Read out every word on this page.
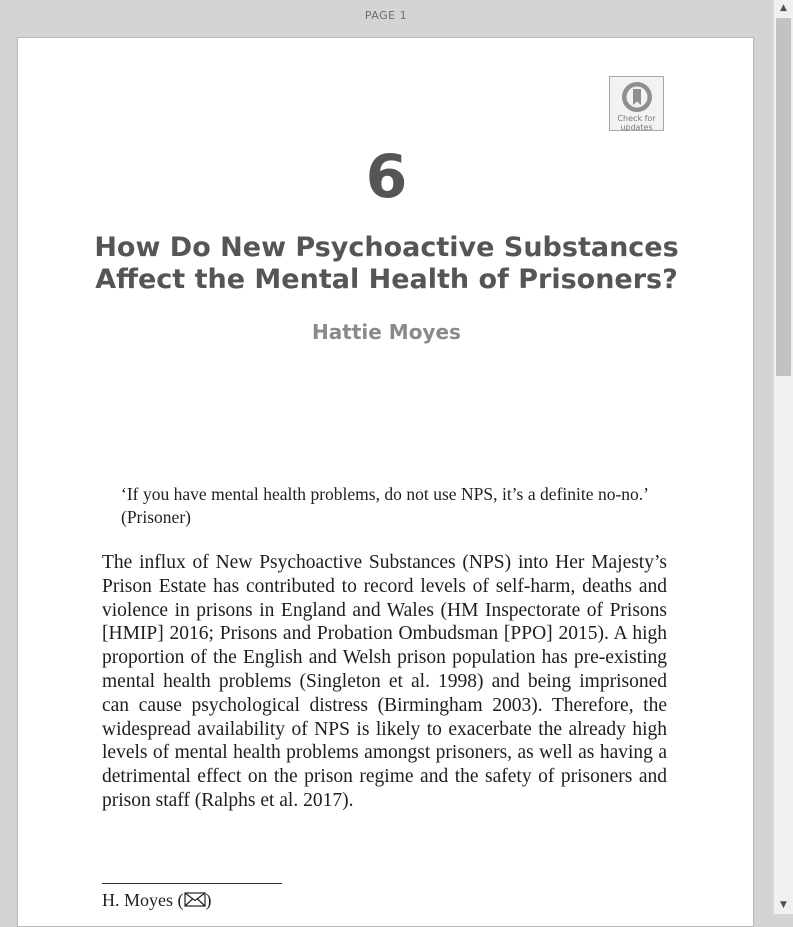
PAGE 1
Check for
updates
6
How Do New Psychoactive Substances
Affect the Mental Health of Prisoners?
Hattie Moyes

‘If you have mental health problems, do not use NPS, it’s a definite no-no.’ (Prisoner)

The influx of New Psychoactive Substances (NPS) into Her Majesty’s Prison Estate has contributed to record levels of self-harm, deaths and violence in prisons in England and Wales (HM Inspectorate of Prisons [HMIP] 2016; Prisons and Probation Ombudsman [PPO] 2015). A high proportion of the English and Welsh prison population has pre-existing mental health problems (Singleton et al. 1998) and being imprisoned can cause psychological distress (Birmingham 2003). Therefore, the widespread availability of NPS is likely to exacerbate the already high levels of mental health problems amongst prisoners, as well as having a detrimental effect on the prison regime and the safety of prisoners and prison staff (Ralphs et al. 2017).

H. Moyes ( )
▲
▼
